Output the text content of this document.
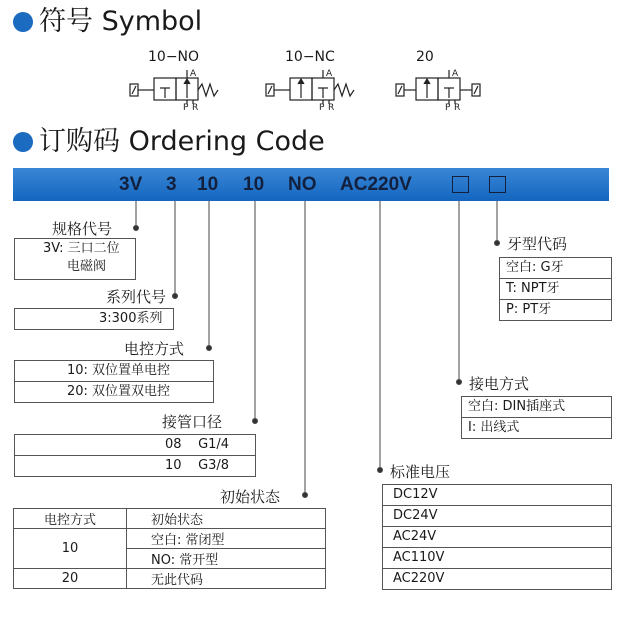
符号 Symbol
10−NO	10−NC	20
A
P R
A
P R
A
P R
订购码 Ordering Code
3V 3 10 10 NO AC220V
规格代号
3V: 三口二位
电磁阀
系列代号
3:300系列
电控方式
10: 双位置单电控
20: 双位置双电控
接管口径
08 G1/4
10 G3/8
初始状态
电控方式	初始状态
10	空白: 常闭型
	NO: 常开型
20	无此代码
标准电压
DC12V
DC24V
AC24V
AC110V
AC220V
接电方式
空白: DIN插座式
I: 出线式
牙型代码
空白: G牙
T: NPT牙
P: PT牙
